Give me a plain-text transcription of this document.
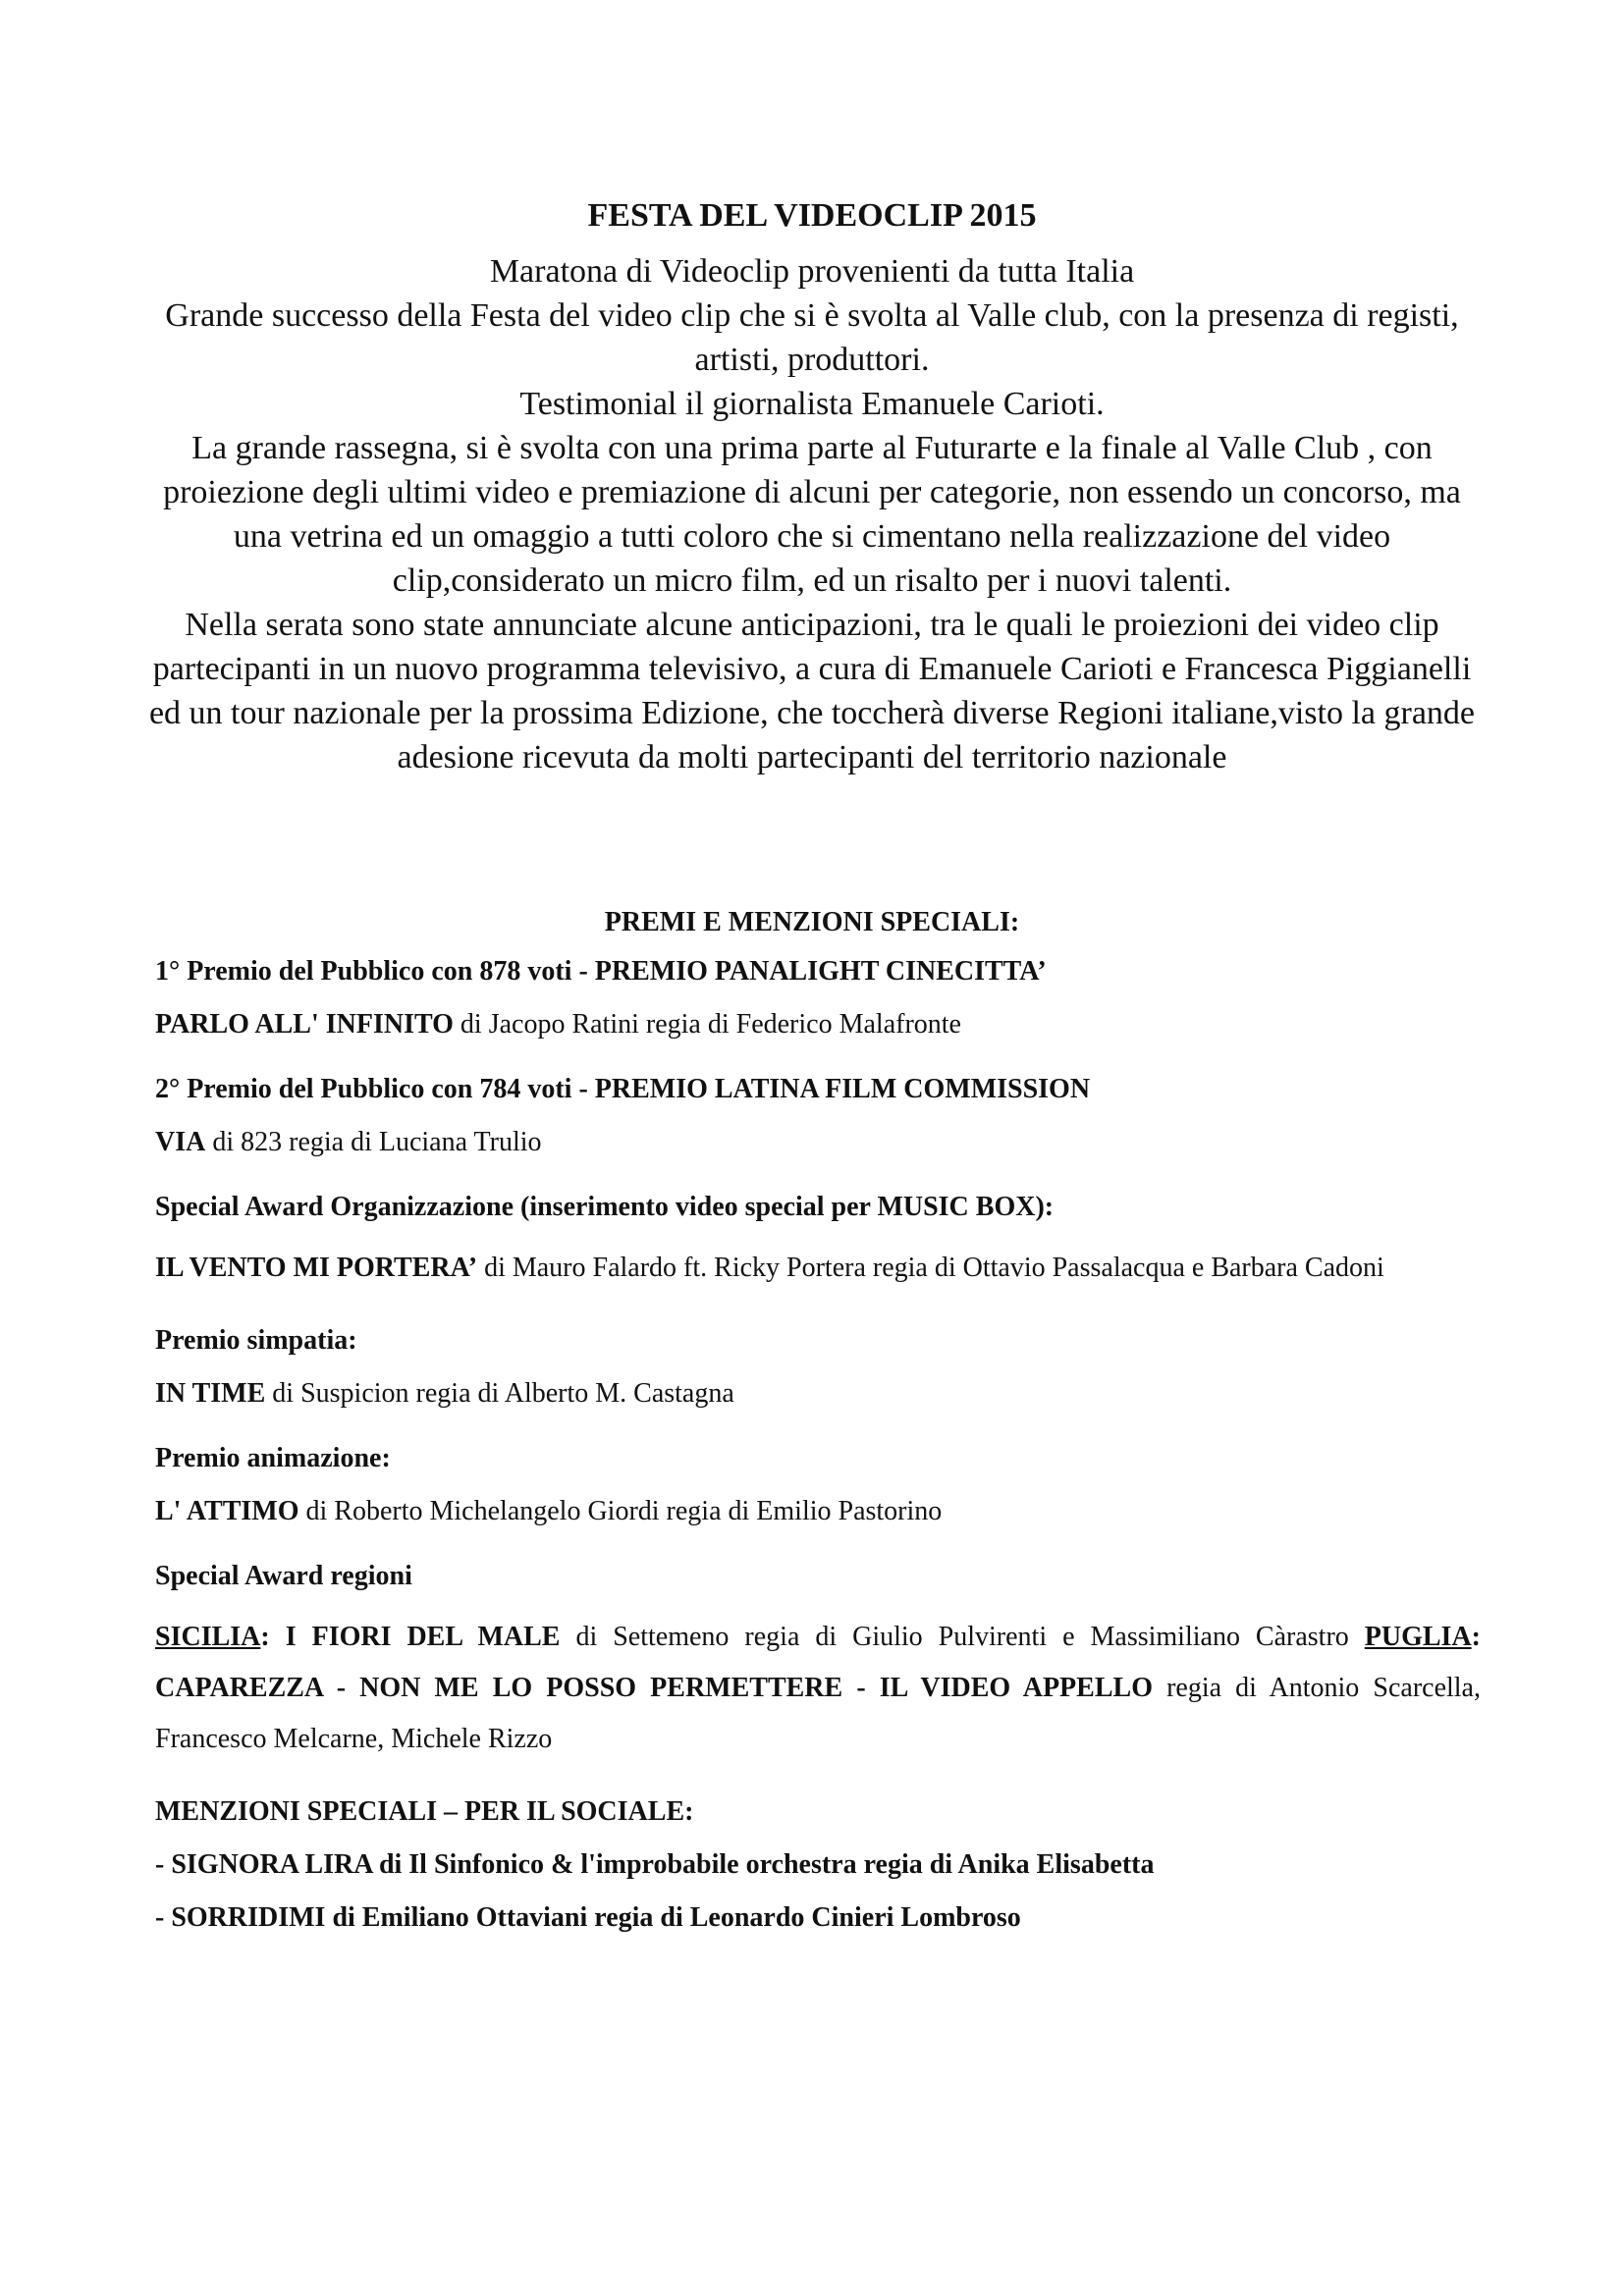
FESTA DEL VIDEOCLIP 2015

Maratona di Videoclip provenienti da tutta Italia

Grande successo della Festa del video clip che si è svolta al Valle club, con la presenza di registi, artisti, produttori.

Testimonial il giornalista Emanuele Carioti.

La grande rassegna, si è svolta con una prima parte al Futurarte e la finale al Valle Club , con proiezione degli ultimi video e premiazione di alcuni per categorie, non essendo un concorso, ma una vetrina ed un omaggio a tutti coloro che si cimentano nella realizzazione del video clip,considerato un micro film, ed un risalto per i nuovi talenti.

Nella serata sono state annunciate alcune anticipazioni, tra le quali le proiezioni dei video clip partecipanti in un nuovo programma televisivo, a cura di Emanuele Carioti e Francesca Piggianelli ed un tour nazionale per la prossima Edizione, che toccherà diverse Regioni italiane,visto la grande adesione ricevuta da molti partecipanti del territorio nazionale

PREMI E MENZIONI SPECIALI:
1° Premio del Pubblico con 878 voti - PREMIO PANALIGHT CINECITTA’
PARLO ALL' INFINITO di Jacopo Ratini regia di Federico Malafronte
2° Premio del Pubblico con 784 voti - PREMIO LATINA FILM COMMISSION
VIA di 823 regia di Luciana Trulio
Special Award Organizzazione (inserimento video special per MUSIC BOX):
IL VENTO MI PORTERA’ di Mauro Falardo ft. Ricky Portera regia di Ottavio Passalacqua e Barbara Cadoni
Premio simpatia:
IN TIME di Suspicion regia di Alberto M. Castagna
Premio animazione:
L' ATTIMO di Roberto Michelangelo Giordi regia di Emilio Pastorino
Special Award regioni
SICILIA: I FIORI DEL MALE di Settemeno regia di Giulio Pulvirenti e Massimiliano Càrastro PUGLIA: CAPAREZZA - NON ME LO POSSO PERMETTERE - IL VIDEO APPELLO regia di Antonio Scarcella, Francesco Melcarne, Michele Rizzo
MENZIONI SPECIALI – PER IL SOCIALE:
- SIGNORA LIRA di Il Sinfonico & l'improbabile orchestra regia di Anika Elisabetta
- SORRIDIMI di Emiliano Ottaviani regia di Leonardo Cinieri Lombroso
